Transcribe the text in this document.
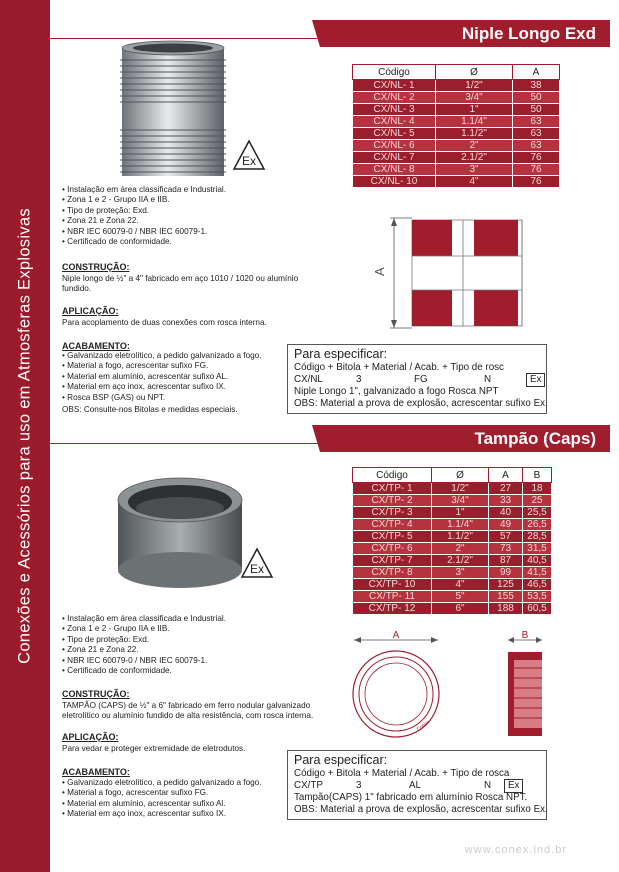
Conexões e Acessórios para uso em Atmosferas Explosivas
Niple Longo Exd
Ex
Código	Ø	A
CX/NL- 1	1/2"	38
CX/NL- 2	3/4"	50
CX/NL- 3	1"	50
CX/NL- 4	1.1/4"	63
CX/NL- 5	1.1/2"	63
CX/NL- 6	2"	63
CX/NL- 7	2.1/2"	76
CX/NL- 8	3"	76
CX/NL- 10	4"	76
A
• Instalação em área classificada e Industrial.
• Zona 1 e 2 - Grupo IIA e IIB.
• Tipo de proteção: Exd.
• Zona 21 e Zona 22.
• NBR IEC 60079-0 / NBR IEC 60079-1.
• Certificado de conformidade.
CONSTRUÇÃO:
Niple longo de ½" a 4" fabricado em aço 1010 / 1020 ou alumínio
fundido.
APLICAÇÃO:
Para acoplamento de duas conexões com rosca interna.
ACABAMENTO:
• Galvanizado eletrolítico, a pedido galvanizado a fogo.
• Material a fogo, acrescentar sufixo FG.
• Material em alumínio, acrescentar sufixo AL.
• Material em aço inox, acrescentar sufixo IX.
• Rosca BSP (GAS) ou NPT.
OBS: Consulte-nos Bitolas e medidas especiais.
Para especificar:
Código + Bitola + Material / Acab. + Tipo de rosc
CX/NL	3	FG	N	Ex
Niple Longo 1", galvanizado a fogo Rosca NPT
OBS: Material a prova de explosão, acrescentar sufixo Ex.
Tampão (Caps)
Ex
Código	Ø	A	B
CX/TP- 1	1/2"	27	18
CX/TP- 2	3/4"	33	25
CX/TP- 3	1"	40	25,5
CX/TP- 4	1.1/4"	49	26,5
CX/TP- 5	1.1/2"	57	28,5
CX/TP- 6	2"	73	31,5
CX/TP- 7	2.1/2"	87	40,5
CX/TP- 8	3"	99	41,5
CX/TP- 10	4"	125	46,5
CX/TP- 11	5"	155	53,5
CX/TP- 12	6"	188	60,5
A
Conex
B
• Instalação em área classificada e Industrial.
• Zona 1 e 2 - Grupo IIA e IIB.
• Tipo de proteção: Exd.
• Zona 21 e Zona 22.
• NBR IEC 60079-0 / NBR IEC 60079-1.
• Certificado de conformidade.
CONSTRUÇÃO:
TAMPÃO (CAPS) de ½" a 6" fabricado em ferro nodular galvanizado
eletrolítico ou alumínio fundido de alta resistência, com rosca interna.
APLICAÇÃO:
Para vedar e proteger extremidade de eletrodutos.
ACABAMENTO:
• Galvanizado eletrolítico, a pedido galvanizado a fogo.
• Material a fogo, acrescentar sufixo FG.
• Material em alumínio, acrescentar sufixo Al.
• Material em aço inox, acrescentar sufixo IX.
Para especificar:
Código + Bitola + Material / Acab. + Tipo de rosca
CX/TP	3	AL	N	Ex
Tampão(CAPS) 1" fabricado em alumínio Rosca NPT.
OBS: Material a prova de explosão, acrescentar sufixo Ex.
www.conex.ind.br
